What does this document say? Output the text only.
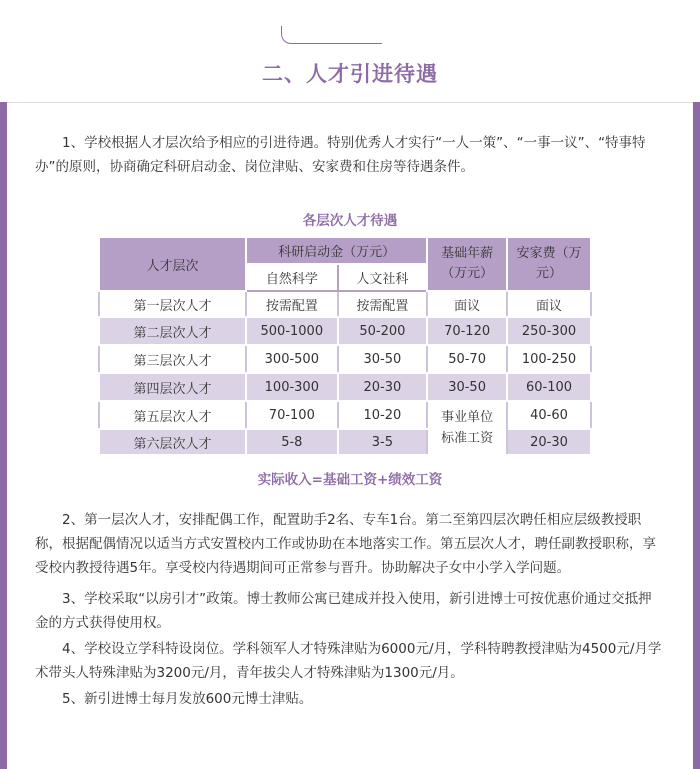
二、人才引进待遇

1、学校根据人才层次给予相应的引进待遇。特别优秀人才实行“一人一策”、“一事一议”、“特事特办”的原则，协商确定科研启动金、岗位津贴、安家费和住房等待遇条件。

各层次人才待遇
人才层次	科研启动金（万元）		基础年薪（万元）	安家费（万元）
	自然科学	人文社科		
第一层次人才	按需配置	按需配置	面议	面议
第二层次人才	500-1000	50-200	70-120	250-300
第三层次人才	300-500	30-50	50-70	100-250
第四层次人才	100-300	20-30	30-50	60-100
第五层次人才	70-100	10-20	事业单位标准工资	40-60
第六层次人才	5-8	3-5		20-30
实际收入=基础工资+绩效工资

2、第一层次人才，安排配偶工作，配置助手2名、专车1台。第二至第四层次聘任相应层级教授职称，根据配偶情况以适当方式安置校内工作或协助在本地落实工作。第五层次人才，聘任副教授职称，享受校内教授待遇5年。享受校内待遇期间可正常参与晋升。协助解决子女中小学入学问题。

3、学校采取“以房引才”政策。博士教师公寓已建成并投入使用，新引进博士可按优惠价通过交抵押金的方式获得使用权。

4、学校设立学科特设岗位。学科领军人才特殊津贴为6000元/月，学科特聘教授津贴为4500元/月学术带头人特殊津贴为3200元/月，青年拔尖人才特殊津贴为1300元/月。

5、新引进博士每月发放600元博士津贴。
